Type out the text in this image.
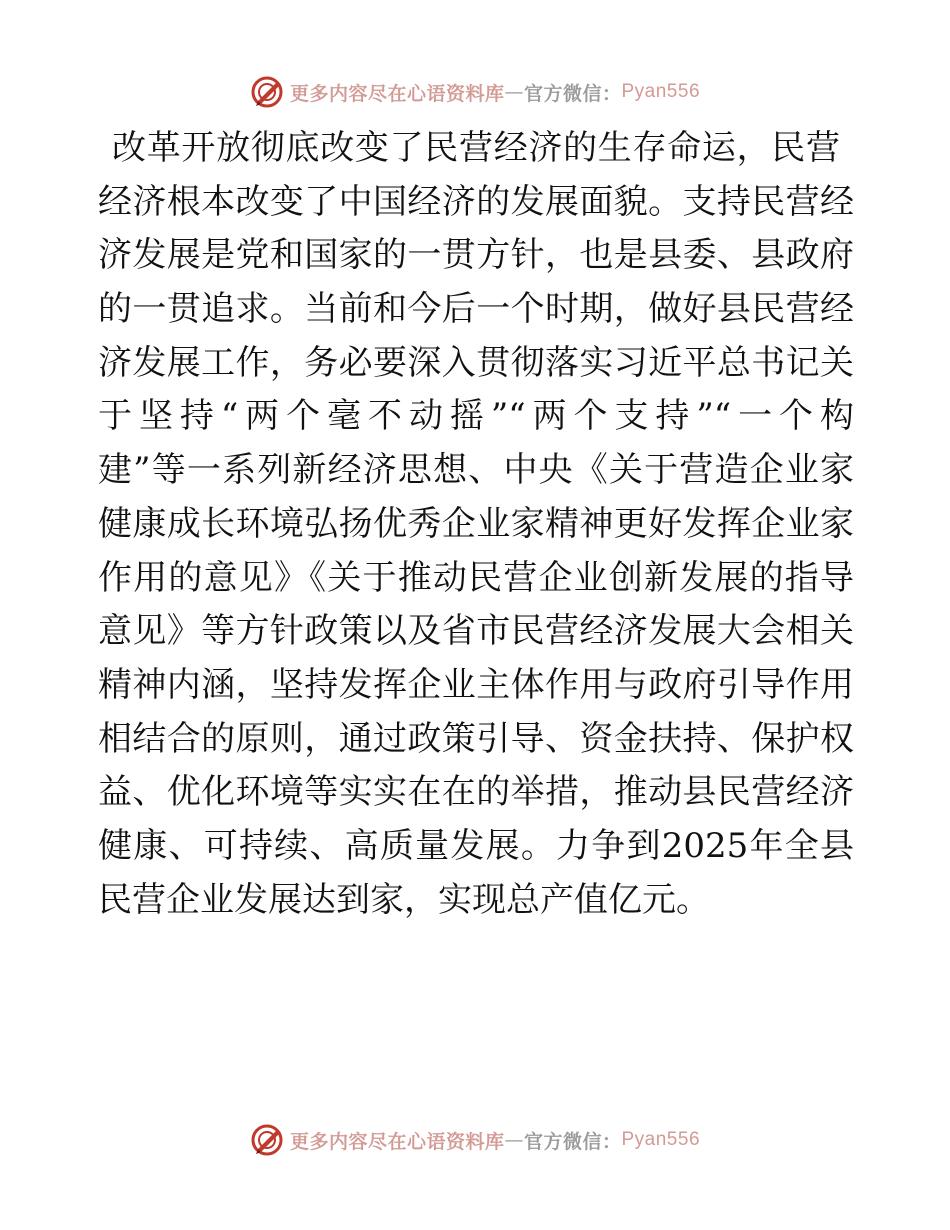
更多内容尽在心语资料库 — 官方微信： Pyan556
改革开放彻底改变了民营经济的生存命运，民营
经济根本改变了中国经济的发展面貌。支持民营经
济发展是党和国家的一贯方针，也是县委、县政府
的一贯追求。当前和今后一个时期，做好县民营经
济发展工作，务必要深入贯彻落实习近平总书记关
于坚持“两个毫不动摇”“两个支持”“一个构
建”等一系列新经济思想、中央《关于营造企业家
健康成长环境弘扬优秀企业家精神更好发挥企业家
作用的意见》《关于推动民营企业创新发展的指导
意见》等方针政策以及省市民营经济发展大会相关
精神内涵，坚持发挥企业主体作用与政府引导作用
相结合的原则，通过政策引导、资金扶持、保护权
益、优化环境等实实在在的举措，推动县民营经济
健康、可持续、高质量发展。力争到2025年全县
民营企业发展达到家，实现总产值亿元。
更多内容尽在心语资料库 — 官方微信： Pyan556
